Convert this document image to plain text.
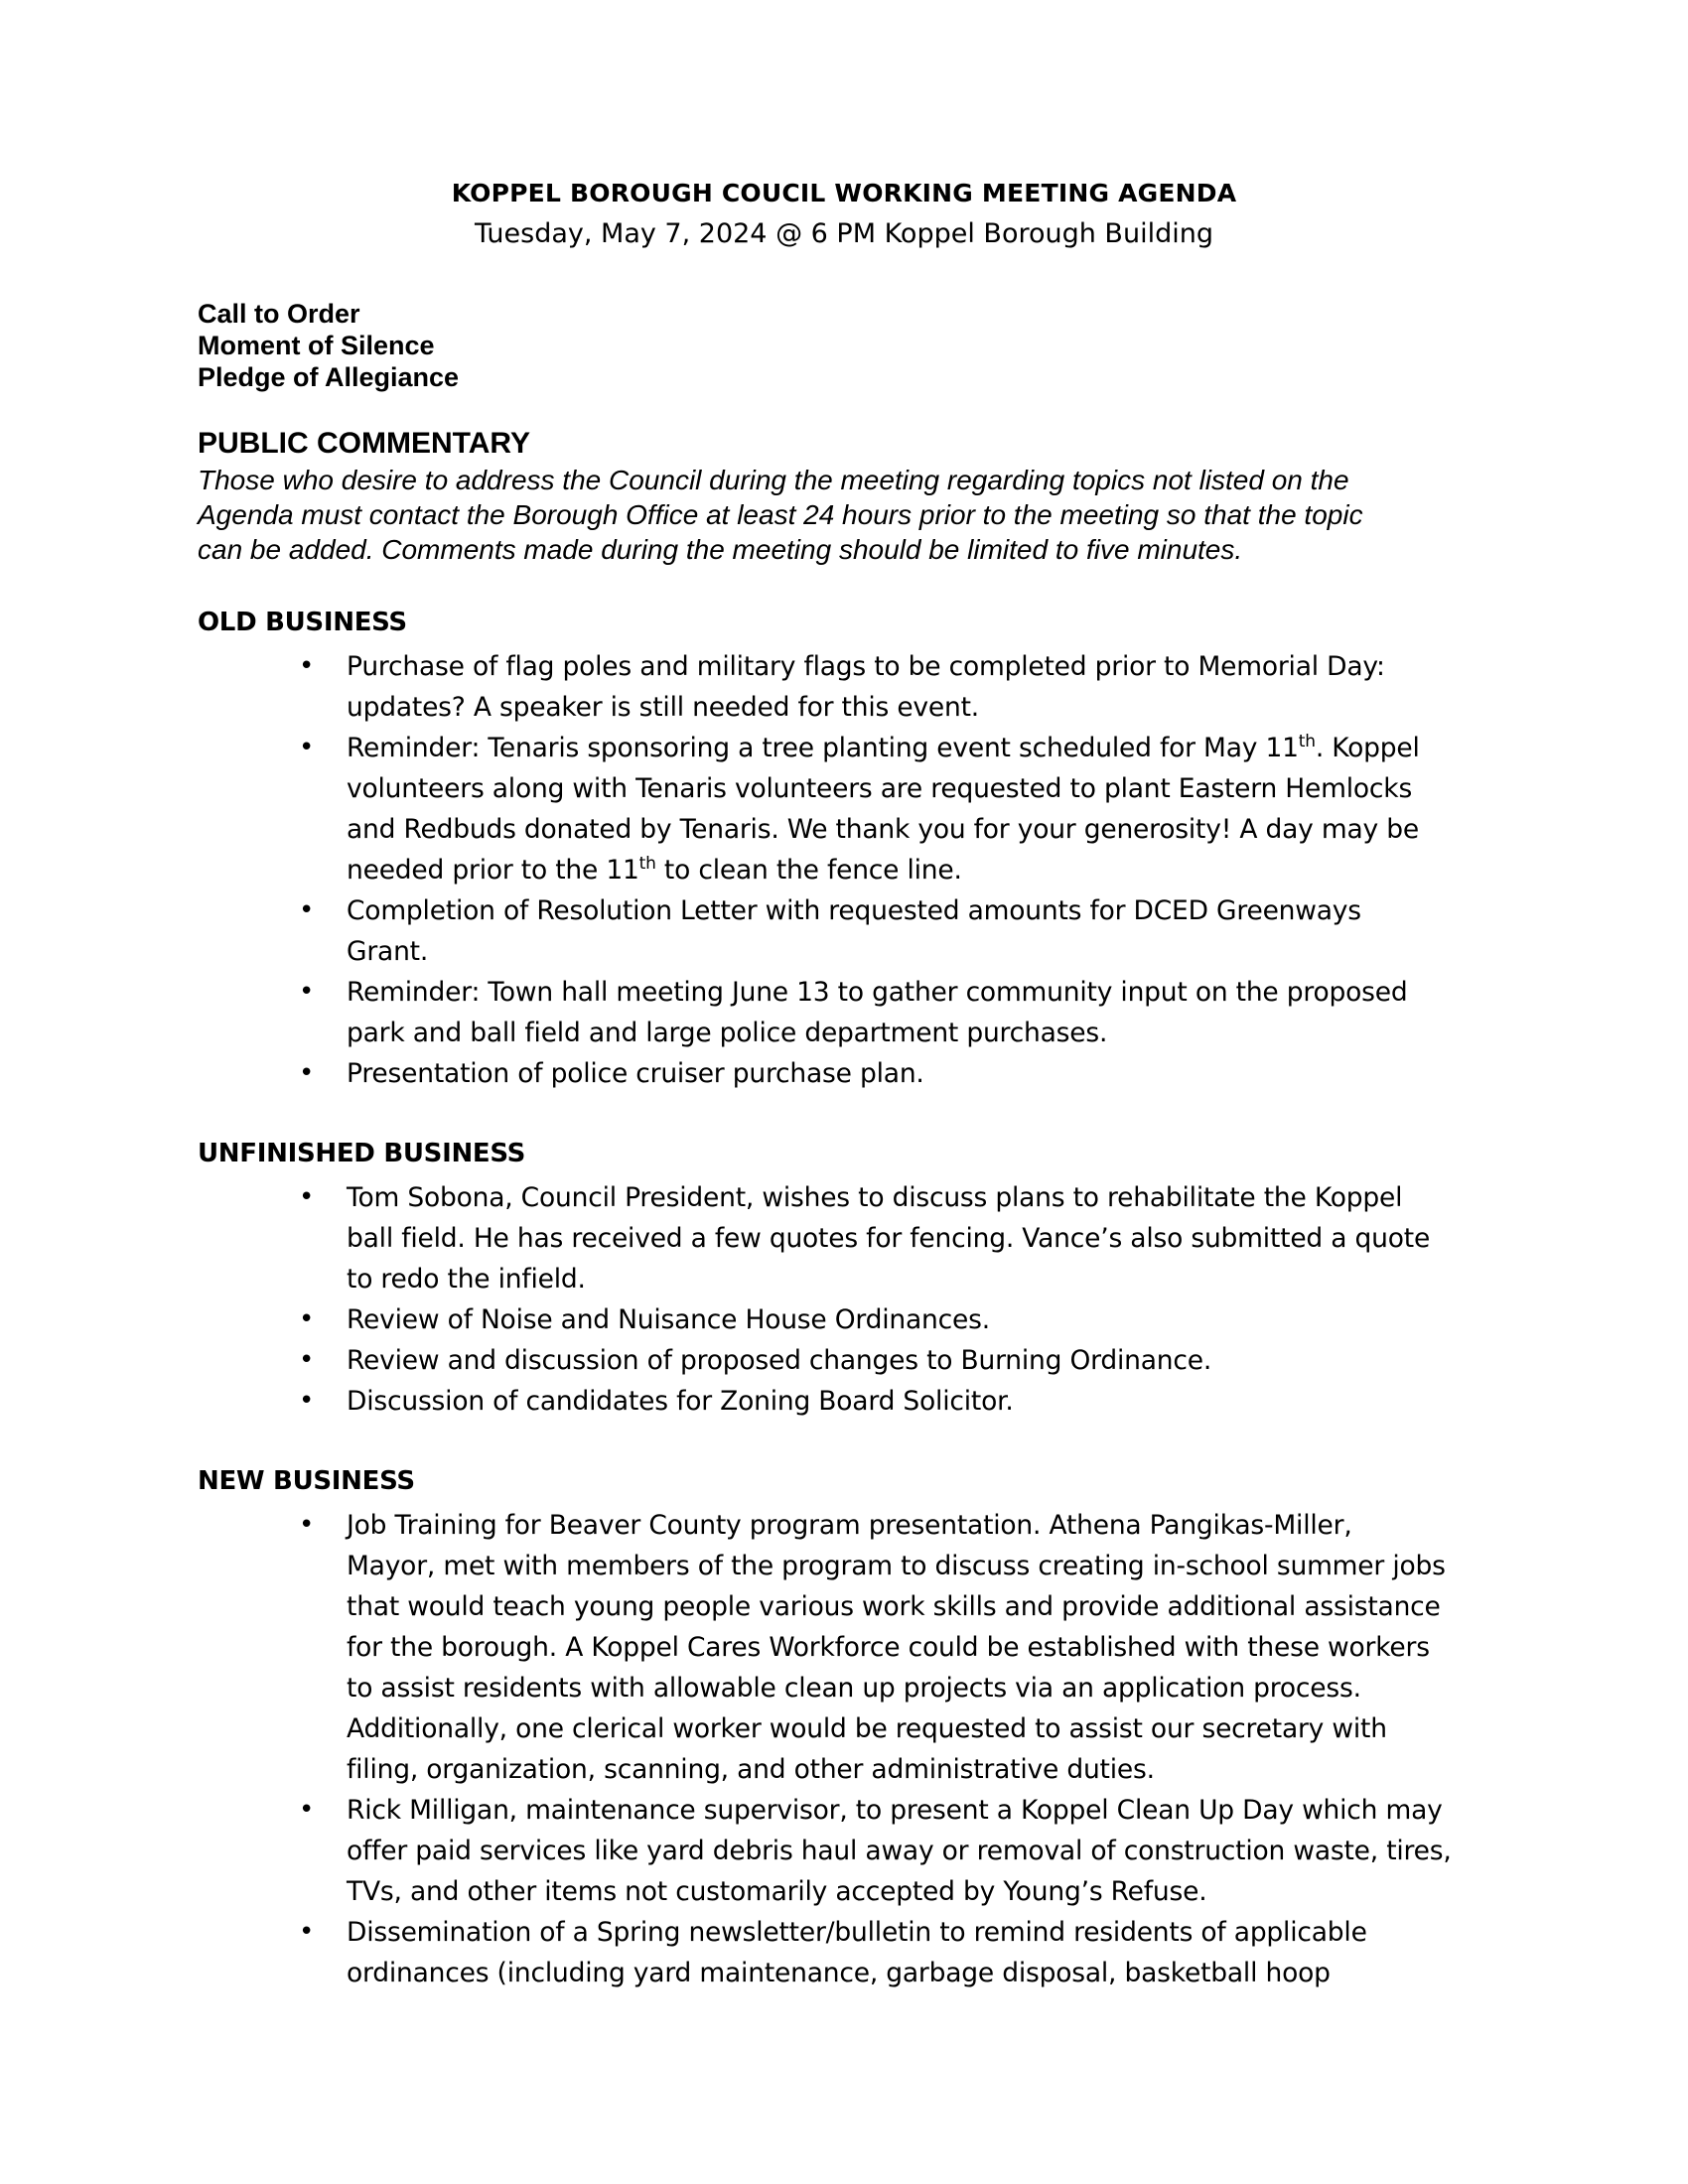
KOPPEL BOROUGH COUCIL WORKING MEETING AGENDA
Tuesday, May 7, 2024 @ 6 PM Koppel Borough Building
Call to Order
Moment of Silence
Pledge of Allegiance
PUBLIC COMMENTARY
Those who desire to address the Council during the meeting regarding topics not listed on the
Agenda must contact the Borough Office at least 24 hours prior to the meeting so that the topic
can be added. Comments made during the meeting should be limited to five minutes.
OLD BUSINESS
• Purchase of flag poles and military flags to be completed prior to Memorial Day:
updates? A speaker is still needed for this event.
• Reminder: Tenaris sponsoring a tree planting event scheduled for May 11th. Koppel
volunteers along with Tenaris volunteers are requested to plant Eastern Hemlocks
and Redbuds donated by Tenaris. We thank you for your generosity! A day may be
needed prior to the 11th to clean the fence line.
• Completion of Resolution Letter with requested amounts for DCED Greenways
Grant.
• Reminder: Town hall meeting June 13 to gather community input on the proposed
park and ball field and large police department purchases.
• Presentation of police cruiser purchase plan.
UNFINISHED BUSINESS
• Tom Sobona, Council President, wishes to discuss plans to rehabilitate the Koppel
ball field. He has received a few quotes for fencing. Vance’s also submitted a quote
to redo the infield.
• Review of Noise and Nuisance House Ordinances.
• Review and discussion of proposed changes to Burning Ordinance.
• Discussion of candidates for Zoning Board Solicitor.
NEW BUSINESS
• Job Training for Beaver County program presentation. Athena Pangikas-Miller,
Mayor, met with members of the program to discuss creating in-school summer jobs
that would teach young people various work skills and provide additional assistance
for the borough. A Koppel Cares Workforce could be established with these workers
to assist residents with allowable clean up projects via an application process.
Additionally, one clerical worker would be requested to assist our secretary with
filing, organization, scanning, and other administrative duties.
• Rick Milligan, maintenance supervisor, to present a Koppel Clean Up Day which may
offer paid services like yard debris haul away or removal of construction waste, tires,
TVs, and other items not customarily accepted by Young’s Refuse.
• Dissemination of a Spring newsletter/bulletin to remind residents of applicable
ordinances (including yard maintenance, garbage disposal, basketball hoop
